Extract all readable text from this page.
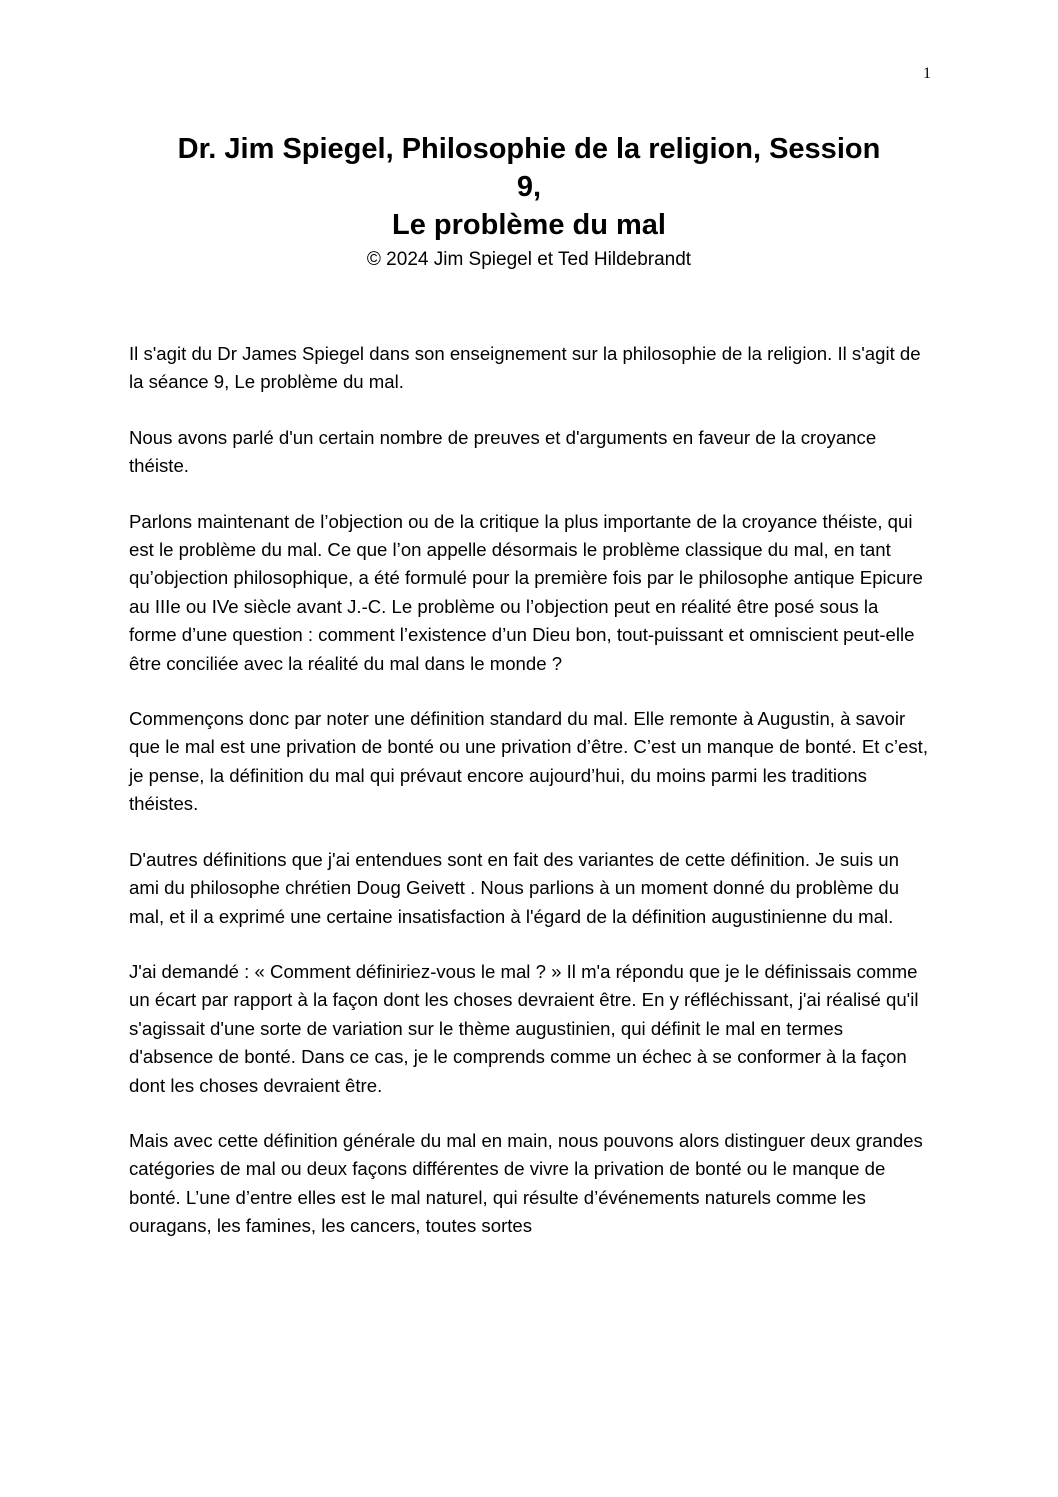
1
Dr. Jim Spiegel, Philosophie de la religion, Session
9,
Le problème du mal
© 2024 Jim Spiegel et Ted Hildebrandt

Il s'agit du Dr James Spiegel dans son enseignement sur la philosophie de la religion. Il s'agit de la séance 9, Le problème du mal.

Nous avons parlé d'un certain nombre de preuves et d'arguments en faveur de la croyance théiste.

Parlons maintenant de l’objection ou de la critique la plus importante de la croyance théiste, qui est le problème du mal. Ce que l’on appelle désormais le problème classique du mal, en tant qu’objection philosophique, a été formulé pour la première fois par le philosophe antique Epicure au IIIe ou IVe siècle avant J.-C. Le problème ou l’objection peut en réalité être posé sous la forme d’une question : comment l’existence d’un Dieu bon, tout-puissant et omniscient peut-elle être conciliée avec la réalité du mal dans le monde ?

Commençons donc par noter une définition standard du mal. Elle remonte à Augustin, à savoir que le mal est une privation de bonté ou une privation d’être. C’est un manque de bonté. Et c’est, je pense, la définition du mal qui prévaut encore aujourd’hui, du moins parmi les traditions théistes.

D'autres définitions que j'ai entendues sont en fait des variantes de cette définition. Je suis un ami du philosophe chrétien Doug Geivett . Nous parlions à un moment donné du problème du mal, et il a exprimé une certaine insatisfaction à l'égard de la définition augustinienne du mal.

J'ai demandé : « Comment définiriez-vous le mal ? » Il m'a répondu que je le définissais comme un écart par rapport à la façon dont les choses devraient être. En y réfléchissant, j'ai réalisé qu'il s'agissait d'une sorte de variation sur le thème augustinien, qui définit le mal en termes d'absence de bonté. Dans ce cas, je le comprends comme un échec à se conformer à la façon dont les choses devraient être.

Mais avec cette définition générale du mal en main, nous pouvons alors distinguer deux grandes catégories de mal ou deux façons différentes de vivre la privation de bonté ou le manque de bonté. L’une d’entre elles est le mal naturel, qui résulte d’événements naturels comme les ouragans, les famines, les cancers, toutes sortes
